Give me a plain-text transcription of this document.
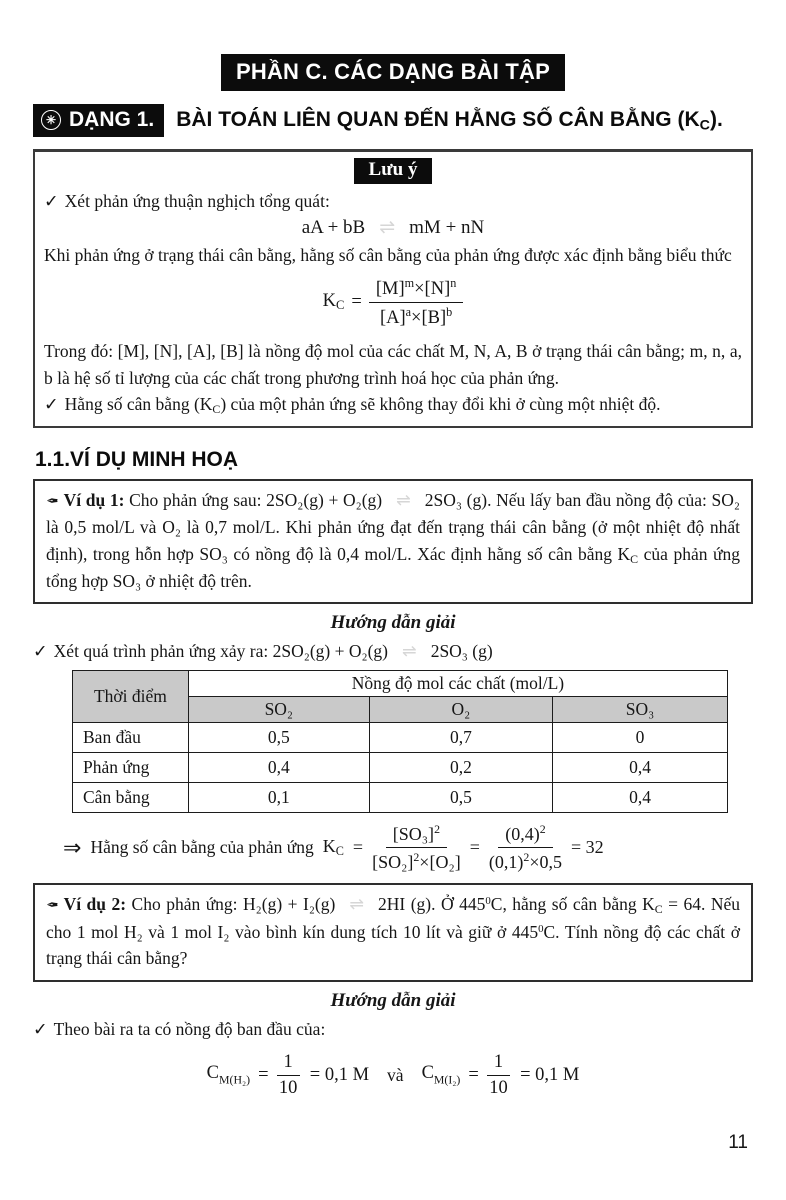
PHẦN C. CÁC DẠNG BÀI TẬP
✳ DẠNG 1. BÀI TOÁN LIÊN QUAN ĐẾN HẰNG SỐ CÂN BẰNG $(K_C)$.
Lưu ý
✓ Xét phản ứng thuận nghịch tổng quát:
aA + bB ⇌ mM + nN
Khi phản ứng ở trạng thái cân bằng, hằng số cân bằng của phản ứng được xác định bằng biểu thức
$K_C = \frac{[M]^m\times[N]^n}{[A]^a\times[B]^b}$
Trong đó: [M], [N], [A], [B] là nồng độ mol của các chất M, N, A, B ở trạng thái cân bằng; m, n, a, b là hệ số tỉ lượng của các chất trong phương trình hoá học của phản ứng.
✓ Hằng số cân bằng $(K_C)$ của một phản ứng sẽ không thay đổi khi ở cùng một nhiệt độ.
1.1.VÍ DỤ MINH HOẠ
✒ Ví dụ 1: Cho phản ứng sau: 2SO₂(g) + O₂(g) ⇌ 2SO₃ (g). Nếu lấy ban đầu nồng độ của: SO₂ là 0,5 mol/L và O₂ là 0,7 mol/L. Khi phản ứng đạt đến trạng thái cân bằng (ở một nhiệt độ nhất định), trong hỗn hợp SO₃ có nồng độ là 0,4 mol/L. Xác định hằng số cân bằng $K_C$ của phản ứng tổng hợp SO₃ ở nhiệt độ trên.
Hướng dẫn giải
✓ Xét quá trình phản ứng xảy ra: 2SO₂(g) + O₂(g) ⇌ 2SO₃ (g)
Thời điểm	Nồng độ mol các chất (mol/L)		
	SO₂	O₂	SO₃
Ban đầu	0,5	0,7	0
Phản ứng	0,4	0,2	0,4
Cân bằng	0,1	0,5	0,4
⇒ Hằng số cân bằng của phản ứng $K_C = \frac{[SO_3]^2}{[SO_2]^2\times[O_2]} = \frac{(0,4)^2}{(0,1)^2\times 0,5} = 32$
✒ Ví dụ 2: Cho phản ứng: H₂(g) + I₂(g) ⇌ 2HI (g). Ở $445^0C$, hằng số cân bằng $K_C = 64$. Nếu cho 1 mol H₂ và 1 mol I₂ vào bình kín dung tích 10 lít và giữ ở $445^0C$. Tính nồng độ các chất ở trạng thái cân bằng?
Hướng dẫn giải
✓ Theo bài ra ta có nồng độ ban đầu của:
$C_{M(H_2)} = \frac{1}{10} = 0,1$ M và $C_{M(I_2)} = \frac{1}{10} = 0,1$ M
11
